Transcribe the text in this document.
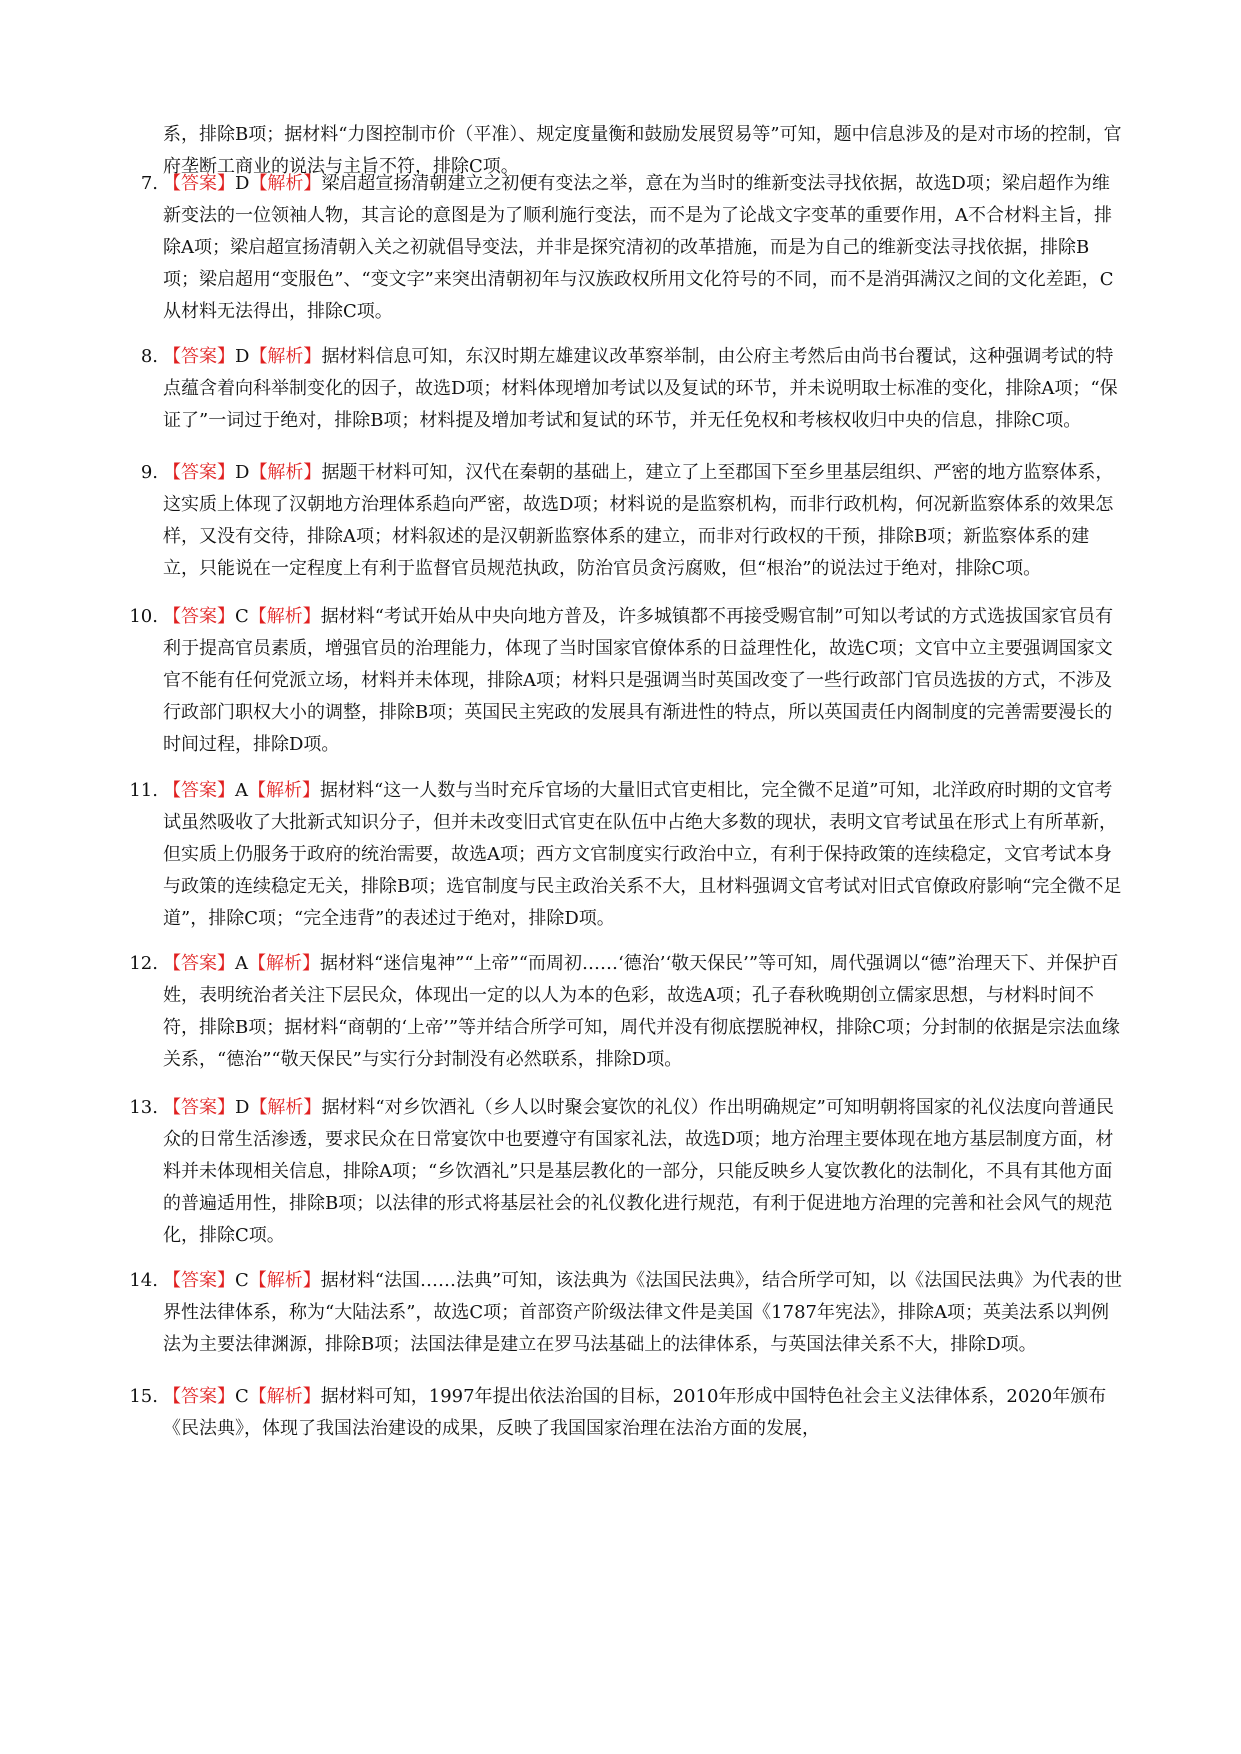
系，排除B项；据材料“力图控制市价（平准）、规定度量衡和鼓励发展贸易等”可知，题中信息涉及的是对市场的控制，官府垄断工商业的说法与主旨不符，排除C项。
7. 【答案】D【解析】梁启超宣扬清朝建立之初便有变法之举，意在为当时的维新变法寻找依据，故选D项；梁启超作为维新变法的一位领袖人物，其言论的意图是为了顺利施行变法，而不是为了论战文字变革的重要作用，A不合材料主旨，排除A项；梁启超宣扬清朝入关之初就倡导变法，并非是探究清初的改革措施，而是为自己的维新变法寻找依据，排除B项；梁启超用“变服色”、“变文字”来突出清朝初年与汉族政权所用文化符号的不同，而不是消弭满汉之间的文化差距，C从材料无法得出，排除C项。
8. 【答案】D【解析】据材料信息可知，东汉时期左雄建议改革察举制，由公府主考然后由尚书台覆试，这种强调考试的特点蕴含着向科举制变化的因子，故选D项；材料体现增加考试以及复试的环节，并未说明取士标准的变化，排除A项；“保证了”一词过于绝对，排除B项；材料提及增加考试和复试的环节，并无任免权和考核权收归中央的信息，排除C项。
9. 【答案】D【解析】据题干材料可知，汉代在秦朝的基础上，建立了上至郡国下至乡里基层组织、严密的地方监察体系，这实质上体现了汉朝地方治理体系趋向严密，故选D项；材料说的是监察机构，而非行政机构，何况新监察体系的效果怎样，又没有交待，排除A项；材料叙述的是汉朝新监察体系的建立，而非对行政权的干预，排除B项；新监察体系的建立，只能说在一定程度上有利于监督官员规范执政，防治官员贪污腐败，但“根治”的说法过于绝对，排除C项。
10. 【答案】C【解析】据材料“考试开始从中央向地方普及，许多城镇都不再接受赐官制”可知以考试的方式选拔国家官员有利于提高官员素质，增强官员的治理能力，体现了当时国家官僚体系的日益理性化，故选C项；文官中立主要强调国家文官不能有任何党派立场，材料并未体现，排除A项；材料只是强调当时英国改变了一些行政部门官员选拔的方式，不涉及行政部门职权大小的调整，排除B项；英国民主宪政的发展具有渐进性的特点，所以英国责任内阁制度的完善需要漫长的时间过程，排除D项。
11. 【答案】A【解析】据材料“这一人数与当时充斥官场的大量旧式官吏相比，完全微不足道”可知，北洋政府时期的文官考试虽然吸收了大批新式知识分子，但并未改变旧式官吏在队伍中占绝大多数的现状，表明文官考试虽在形式上有所革新，但实质上仍服务于政府的统治需要，故选A项；西方文官制度实行政治中立，有利于保持政策的连续稳定，文官考试本身与政策的连续稳定无关，排除B项；选官制度与民主政治关系不大，且材料强调文官考试对旧式官僚政府影响“完全微不足道”，排除C项；“完全违背”的表述过于绝对，排除D项。
12. 【答案】A【解析】据材料“迷信鬼神”“上帝”“而周初……‘德治’‘敬天保民’”等可知，周代强调以“德”治理天下、并保护百姓，表明统治者关注下层民众，体现出一定的以人为本的色彩，故选A项；孔子春秋晚期创立儒家思想，与材料时间不符，排除B项；据材料“商朝的‘上帝’”等并结合所学可知，周代并没有彻底摆脱神权，排除C项；分封制的依据是宗法血缘关系，“德治”“敬天保民”与实行分封制没有必然联系，排除D项。
13. 【答案】D【解析】据材料“对乡饮酒礼（乡人以时聚会宴饮的礼仪）作出明确规定”可知明朝将国家的礼仪法度向普通民众的日常生活渗透，要求民众在日常宴饮中也要遵守有国家礼法，故选D项；地方治理主要体现在地方基层制度方面，材料并未体现相关信息，排除A项；“乡饮酒礼”只是基层教化的一部分，只能反映乡人宴饮教化的法制化，不具有其他方面的普遍适用性，排除B项；以法律的形式将基层社会的礼仪教化进行规范，有利于促进地方治理的完善和社会风气的规范化，排除C项。
14. 【答案】C【解析】据材料“法国……法典”可知，该法典为《法国民法典》，结合所学可知，以《法国民法典》为代表的世界性法律体系，称为“大陆法系”，故选C项；首部资产阶级法律文件是美国《1787年宪法》，排除A项；英美法系以判例法为主要法律渊源，排除B项；法国法律是建立在罗马法基础上的法律体系，与英国法律关系不大，排除D项。
15. 【答案】C【解析】据材料可知，1997年提出依法治国的目标，2010年形成中国特色社会主义法律体系，2020年颁布《民法典》，体现了我国法治建设的成果，反映了我国国家治理在法治方面的发展，
